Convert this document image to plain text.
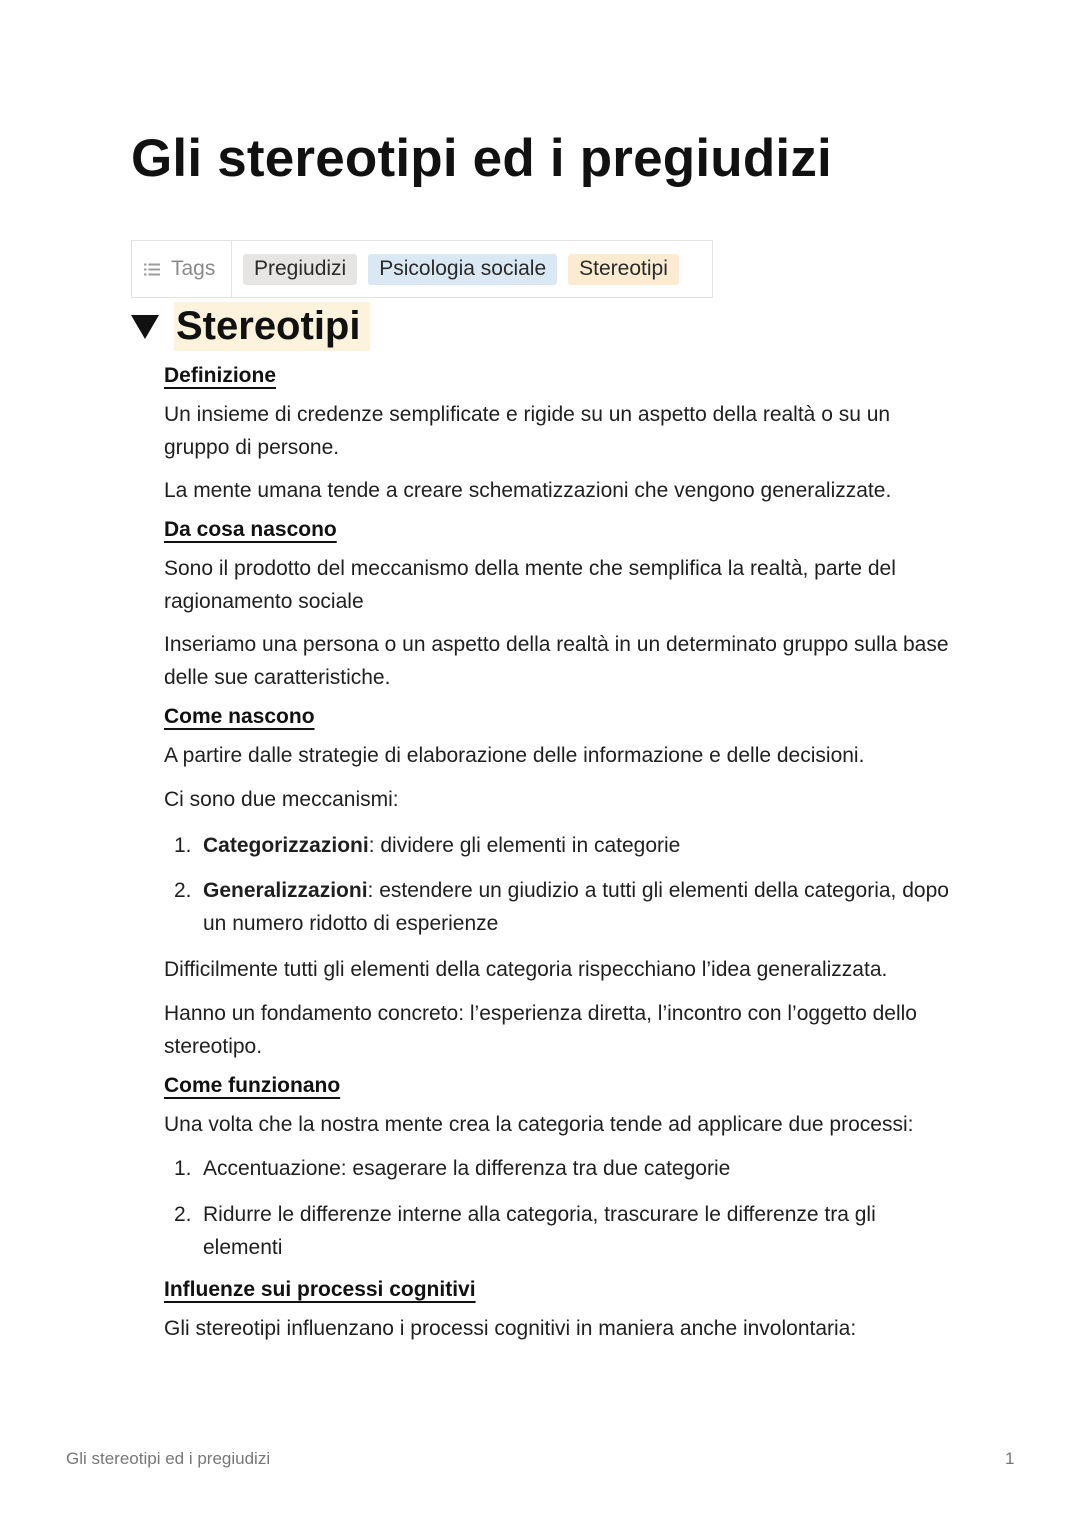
Gli stereotipi ed i pregiudizi
Tags	Pregiudizi	Psicologia sociale	Stereotipi
Stereotipi
Definizione

Un insieme di credenze semplificate e rigide su un aspetto della realtà o su un gruppo di persone.

La mente umana tende a creare schematizzazioni che vengono generalizzate.

Da cosa nascono

Sono il prodotto del meccanismo della mente che semplifica la realtà, parte del ragionamento sociale

Inseriamo una persona o un aspetto della realtà in un determinato gruppo sulla base delle sue caratteristiche.

Come nascono

A partire dalle strategie di elaborazione delle informazione e delle decisioni.

Ci sono due meccanismi:

1. Categorizzazioni: dividere gli elementi in categorie
2. Generalizzazioni: estendere un giudizio a tutti gli elementi della categoria, dopo un numero ridotto di esperienze

Difficilmente tutti gli elementi della categoria rispecchiano l’idea generalizzata.

Hanno un fondamento concreto: l’esperienza diretta, l’incontro con l’oggetto dello stereotipo.

Come funzionano

Una volta che la nostra mente crea la categoria tende ad applicare due processi:

1. Accentuazione: esagerare la differenza tra due categorie
2. Ridurre le differenze interne alla categoria, trascurare le differenze tra gli elementi
Influenze sui processi cognitivi

Gli stereotipi influenzano i processi cognitivi in maniera anche involontaria:

Gli stereotipi ed i pregiudizi	1
